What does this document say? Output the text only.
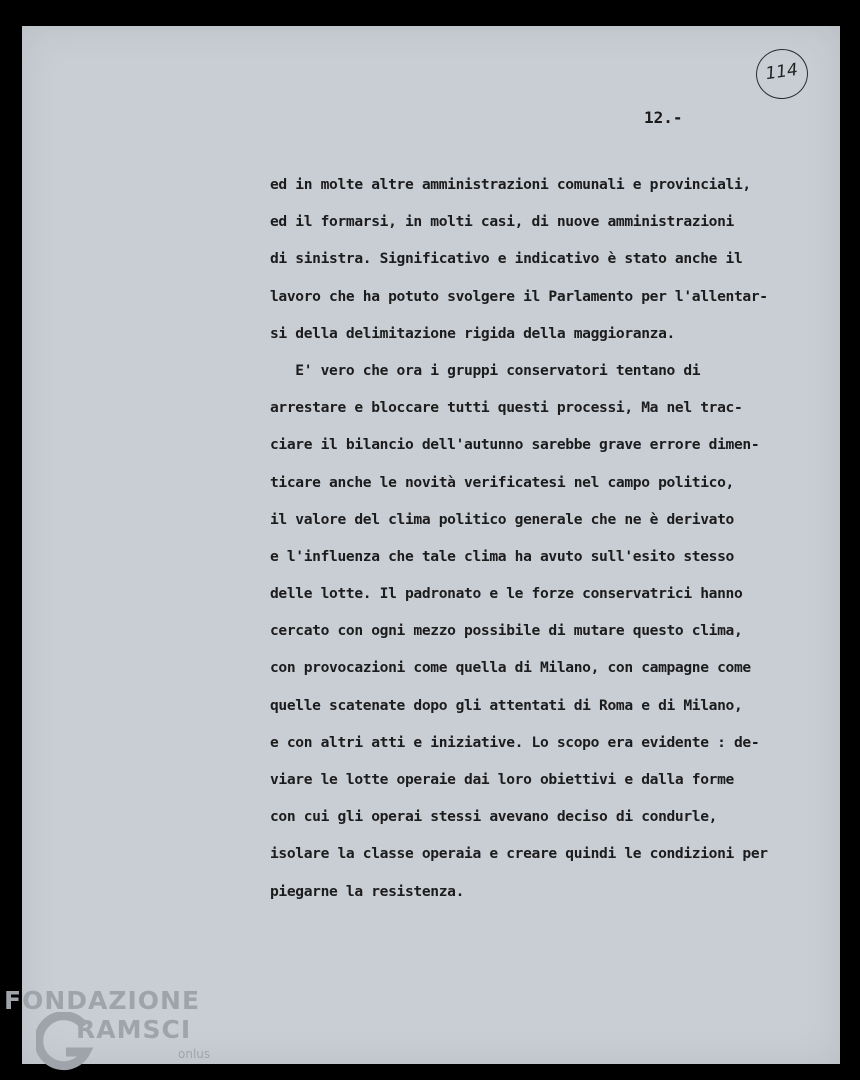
114
12.-
ed in molte altre amministrazioni comunali e provinciali,
ed il formarsi, in molti casi, di nuove amministrazioni
di sinistra. Significativo e indicativo è stato anche il
lavoro che ha potuto svolgere il Parlamento per l'allentar-
si della delimitazione rigida della maggioranza.
E' vero che ora i gruppi conservatori tentano di
arrestare e bloccare tutti questi processi, Ma nel trac-
ciare il bilancio dell'autunno sarebbe grave errore dimen-
ticare anche le novità verificatesi nel campo politico,
il valore del clima politico generale che ne è derivato
e l'influenza che tale clima ha avuto sull'esito stesso
delle lotte. Il padronato e le forze conservatrici hanno
cercato con ogni mezzo possibile di mutare questo clima,
con provocazioni come quella di Milano, con campagne come
quelle scatenate dopo gli attentati di Roma e di Milano,
e con altri atti e iniziative. Lo scopo era evidente : de-
viare le lotte operaie dai loro obiettivi e dalla forme
con cui gli operai stessi avevano deciso di condurle,
isolare la classe operaia e creare quindi le condizioni per
piegarne la resistenza.
FONDAZIONE
RAMSCI
onlus
